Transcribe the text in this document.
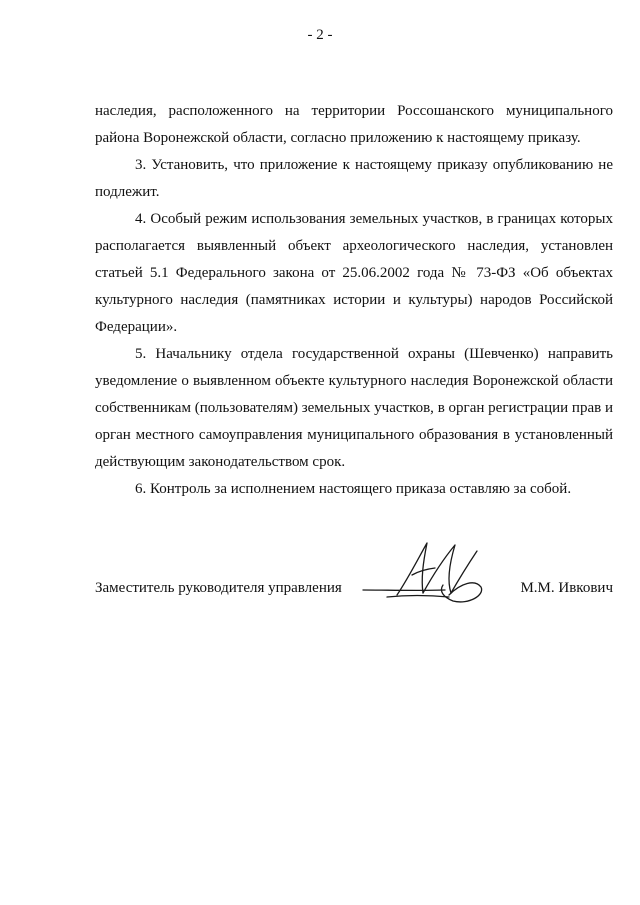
- 2 -

наследия, расположенного на территории Россошанского муниципального района Воронежской области, согласно приложению к настоящему приказу.

3. Установить, что приложение к настоящему приказу опубликованию не подлежит.

4. Особый режим использования земельных участков, в границах которых располагается выявленный объект археологического наследия, установлен статьей 5.1 Федерального закона от 25.06.2002 года № 73-ФЗ «Об объектах культурного наследия (памятниках истории и культуры) народов Российской Федерации».

5. Начальнику отдела государственной охраны (Шевченко) направить уведомление о выявленном объекте культурного наследия Воронежской области собственникам (пользователям) земельных участков, в орган регистрации прав и орган местного самоуправления муниципального образования в установленный действующим законодательством срок.

6. Контроль за исполнением настоящего приказа оставляю за собой.

Заместитель руководителя управления	М.М. Ивкович
